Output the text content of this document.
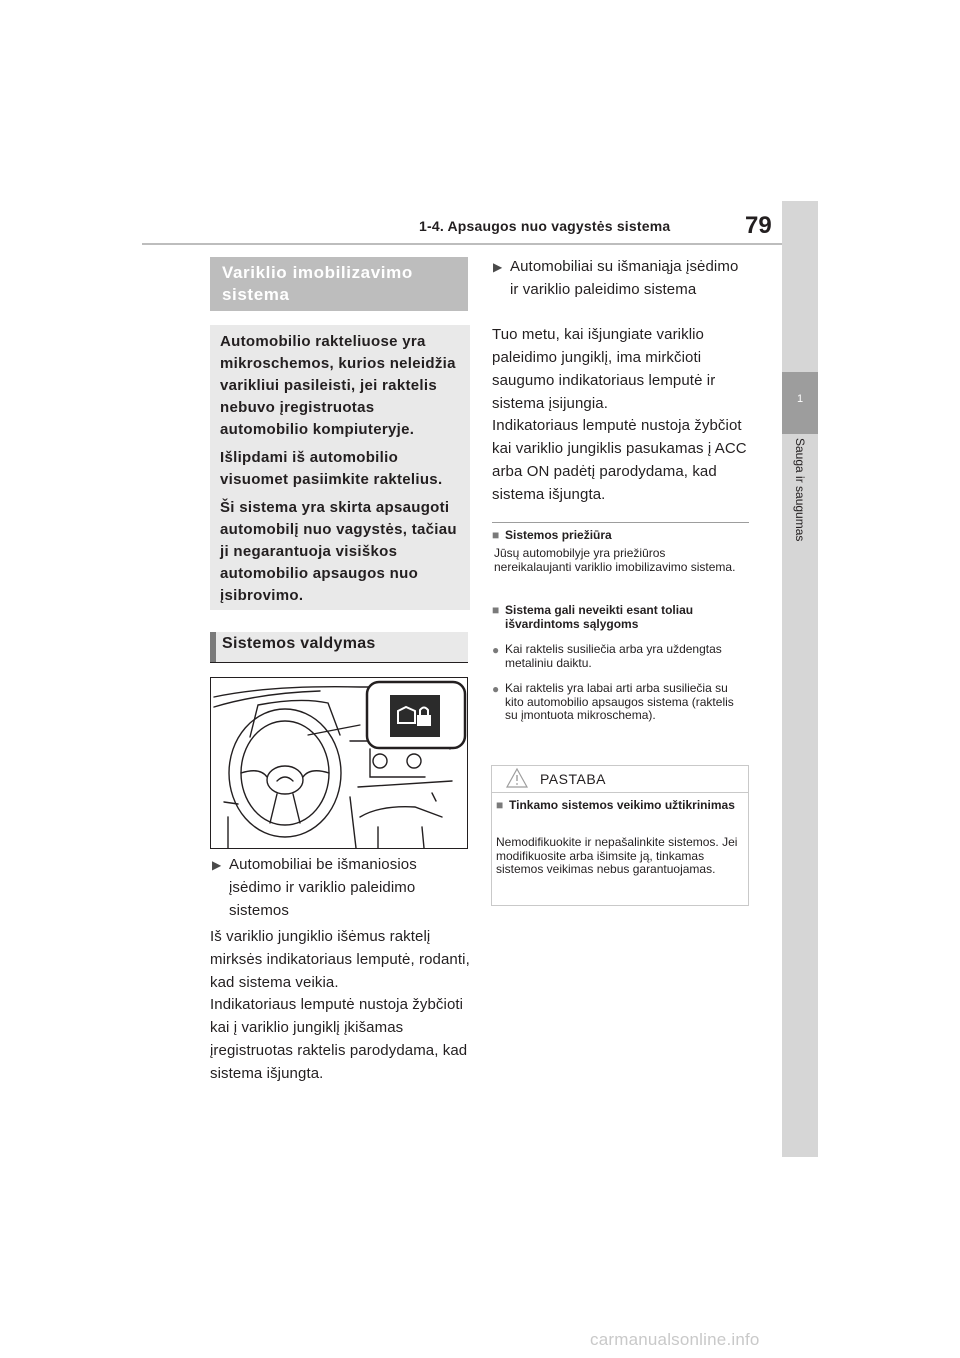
1-4. Apsaugos nuo vagystės sistema	79
1
Sauga ir saugumas
Variklio imobilizavimo sistema
Automobilio rakteliuose yra mikroschemos, kurios neleidžia varikliui pasileisti, jei raktelis nebuvo įregistruotas automobilio kompiuteryje.
Išlipdami iš automobilio visuomet pasiimkite raktelius.
Ši sistema yra skirta apsaugoti automobilį nuo vagystės, tačiau ji negarantuoja visiškos automobilio apsaugos nuo įsibrovimo.
Sistemos valdymas
▶ Automobiliai be išmaniosios įsėdimo ir variklio paleidimo sistemos
Iš variklio jungiklio išėmus raktelį mirksės indikatoriaus lemputė, rodanti, kad sistema veikia.
Indikatoriaus lemputė nustoja žybčioti kai į variklio jungiklį įkišamas įregistruotas raktelis parodydama, kad sistema išjungta.
▶ Automobiliai su išmaniąja įsėdimo ir variklio paleidimo sistema
Tuo metu, kai išjungiate variklio paleidimo jungiklį, ima mirkčioti saugumo indikatoriaus lemputė ir sistema įsijungia.
Indikatoriaus lemputė nustoja žybčiot kai variklio jungiklis pasukamas į ACC arba ON padėtį parodydama, kad sistema išjungta.
■ Sistemos priežiūra
Jūsų automobilyje yra priežiūros nereikalaujanti variklio imobilizavimo sistema.
■ Sistema gali neveikti esant toliau išvardintoms sąlygoms
● Kai raktelis susiliečia arba yra uždengtas metaliniu daiktu.
● Kai raktelis yra labai arti arba susiliečia su kito automobilio apsaugos sistema (raktelis su įmontuota mikroschema).
PASTABA
■ Tinkamo sistemos veikimo užtikrinimas
Nemodifikuokite ir nepašalinkite sistemos. Jei modifikuosite arba išimsite ją, tinkamas sistemos veikimas nebus garantuojamas.
carmanualsonline.info
